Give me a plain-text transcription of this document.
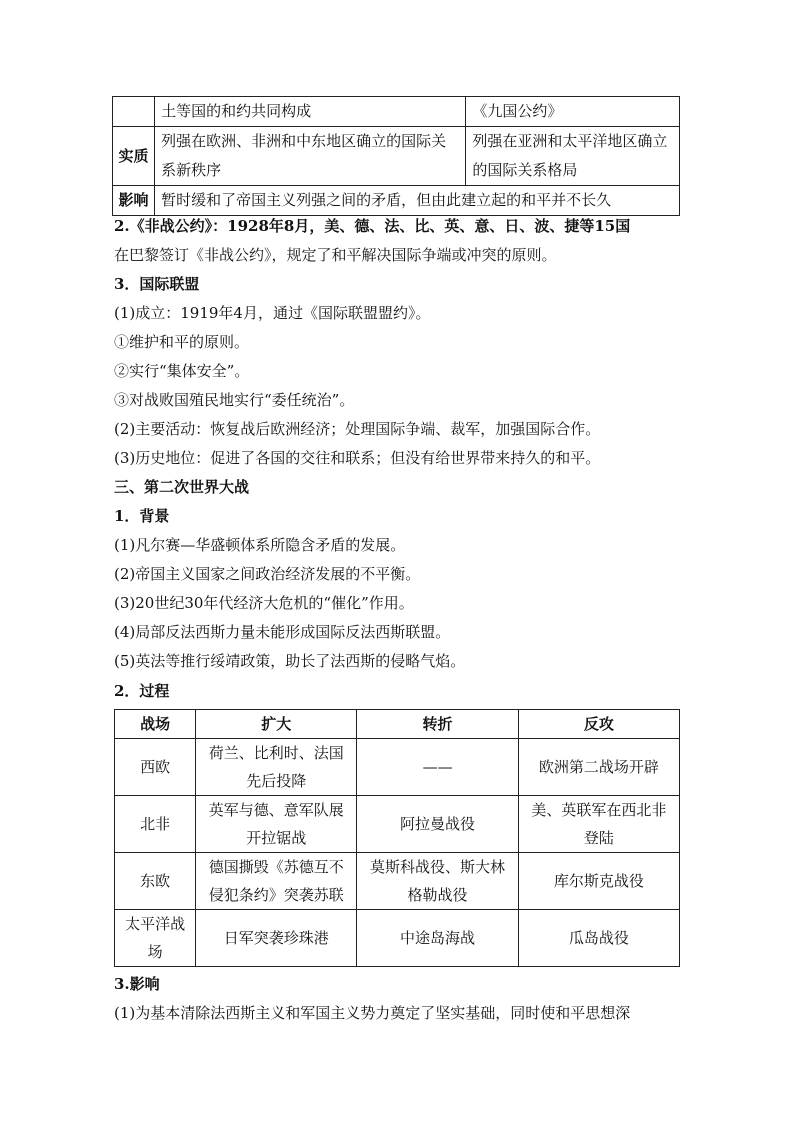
	土等国的和约共同构成	《九国公约》
实质	列强在欧洲、非洲和中东地区确立的国际关系新秩序	列强在亚洲和太平洋地区确立的国际关系格局
影响	暂时缓和了帝国主义列强之间的矛盾，但由此建立起的和平并不长久	
2.《非战公约》：1928年8月，美、德、法、比、英、意、日、波、捷等15国
在巴黎签订《非战公约》，规定了和平解决国际争端或冲突的原则。
3．国际联盟
(1)成立：1919年4月，通过《国际联盟盟约》。
①维护和平的原则。
②实行“集体安全”。
③对战败国殖民地实行“委任统治”。
(2)主要活动：恢复战后欧洲经济；处理国际争端、裁军，加强国际合作。
(3)历史地位：促进了各国的交往和联系；但没有给世界带来持久的和平。
三、第二次世界大战
1．背景
(1)凡尔赛—华盛顿体系所隐含矛盾的发展。
(2)帝国主义国家之间政治经济发展的不平衡。
(3)20世纪30年代经济大危机的“催化”作用。
(4)局部反法西斯力量未能形成国际反法西斯联盟。
(5)英法等推行绥靖政策，助长了法西斯的侵略气焰。
2．过程
战场	扩大	转折	反攻
西欧	荷兰、比利时、法国先后投降	——	欧洲第二战场开辟
北非	英军与德、意军队展开拉锯战	阿拉曼战役	美、英联军在西北非登陆
东欧	德国撕毁《苏德互不侵犯条约》突袭苏联	莫斯科战役、斯大林格勒战役	库尔斯克战役
太平洋战场	日军突袭珍珠港	中途岛海战	瓜岛战役
3.影响
(1)为基本清除法西斯主义和军国主义势力奠定了坚实基础，同时使和平思想深
